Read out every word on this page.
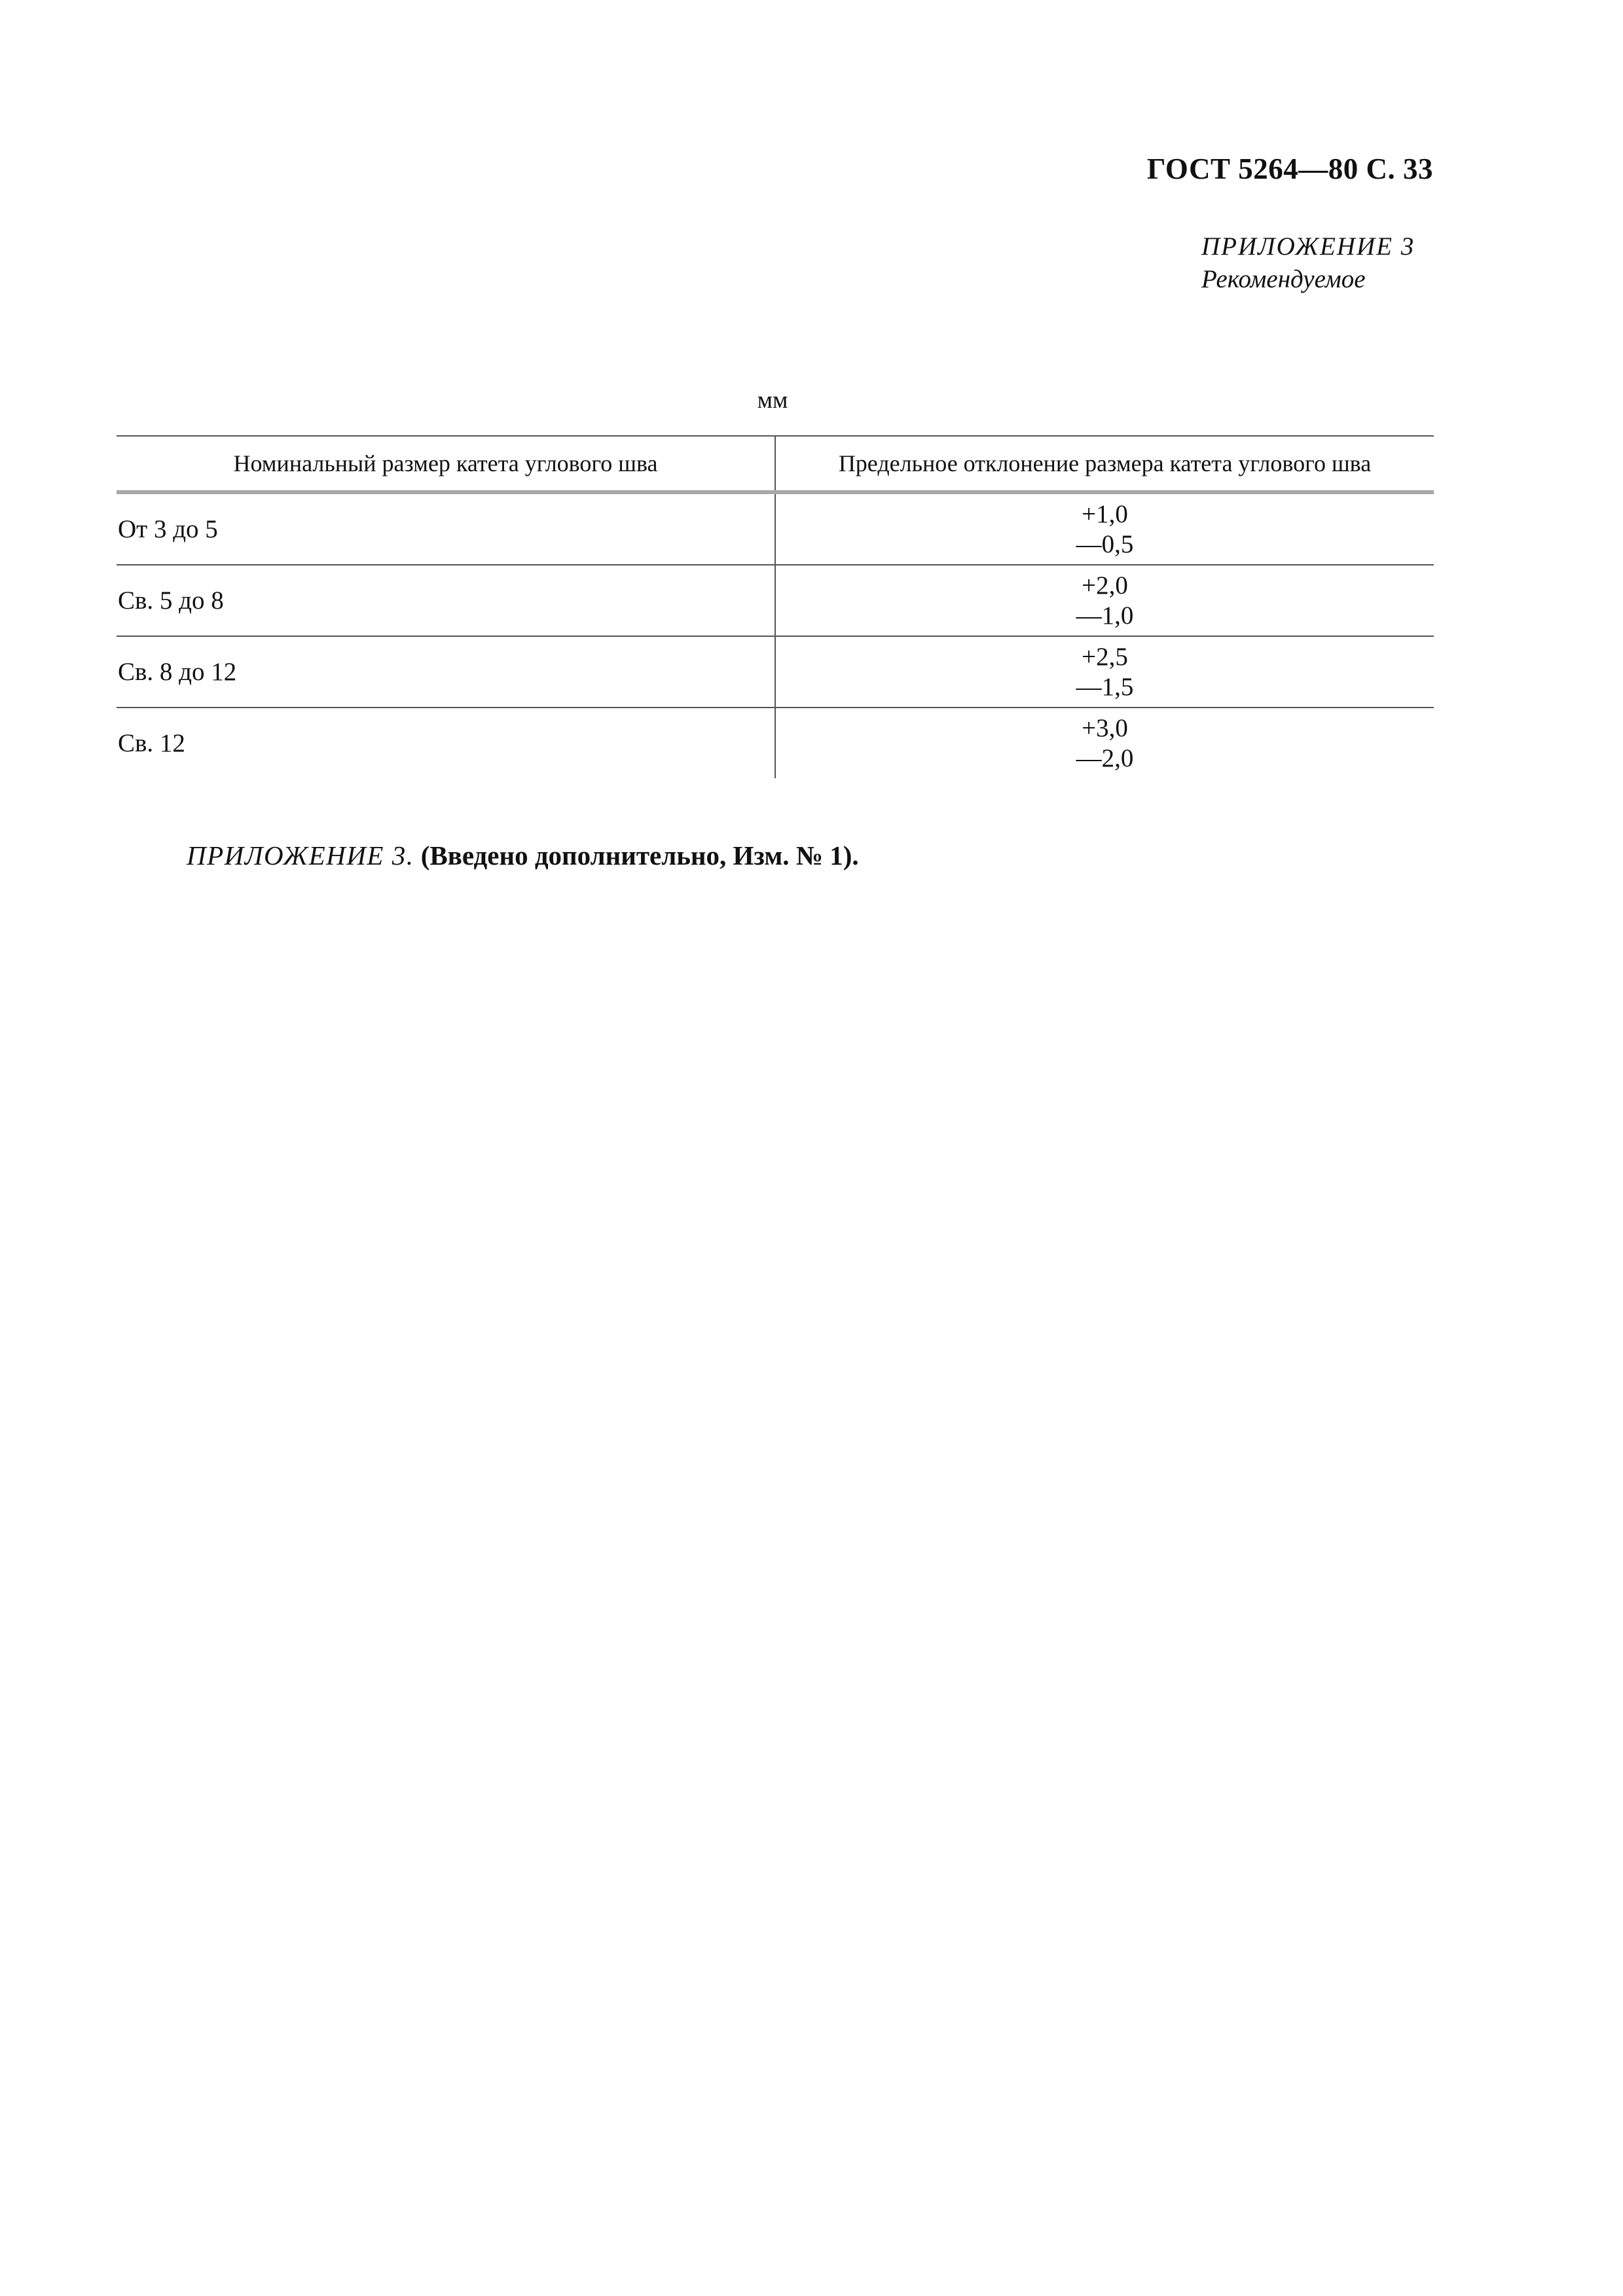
ГОСТ 5264—80 С. 33
ПРИЛОЖЕНИЕ 3
Рекомендуемое
мм
Номинальный размер катета углового шва	Предельное отклонение размера катета углового шва
От 3 до 5	+1,0
—0,5

Св. 5 до 8	+2,0
—1,0

Св. 8 до 12	+2,5
—1,5

Св. 12	+3,0
—2,0
ПРИЛОЖЕНИЕ 3. (Введено дополнительно, Изм. № 1).
